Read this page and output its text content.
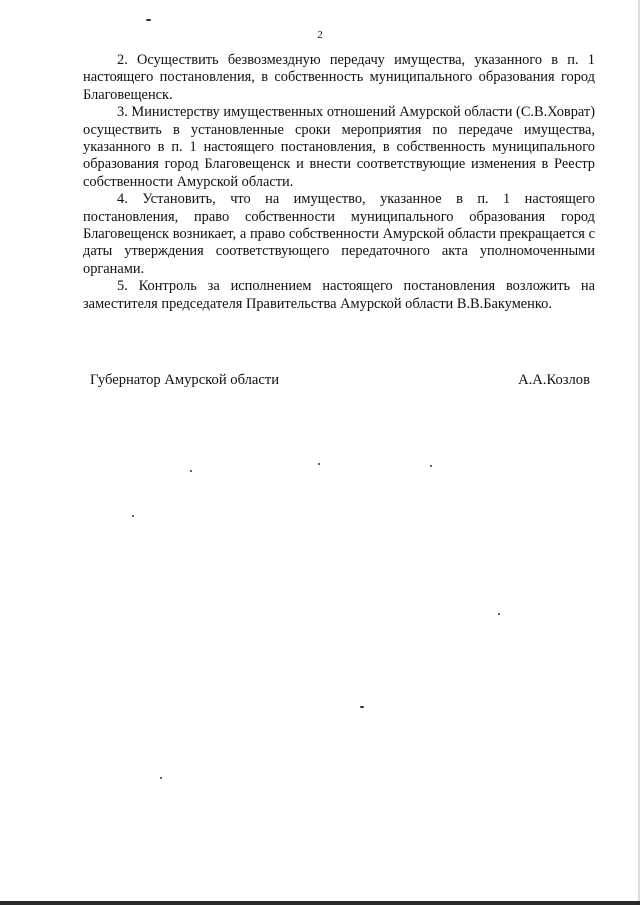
2

2. Осуществить безвозмездную передачу имущества, указанного в п. 1 настоящего постановления, в собственность муниципального образования город Благовещенск.

3. Министерству имущественных отношений Амурской области (С.В.Ховрат) осуществить в установленные сроки мероприятия по передаче имущества, указанного в п. 1 настоящего постановления, в собственность муниципального образования город Благовещенск и внести соответствующие изменения в Реестр собственности Амурской области.

4. Установить, что на имущество, указанное в п. 1 настоящего постановления, право собственности муниципального образования город Благовещенск возникает, а право собственности Амурской области прекращается с даты утверждения соответствующего передаточного акта уполномоченными органами.

5. Контроль за исполнением настоящего постановления возложить на заместителя председателя Правительства Амурской области В.В.Бакуменко.

Губернатор Амурской области	А.А.Козлов
